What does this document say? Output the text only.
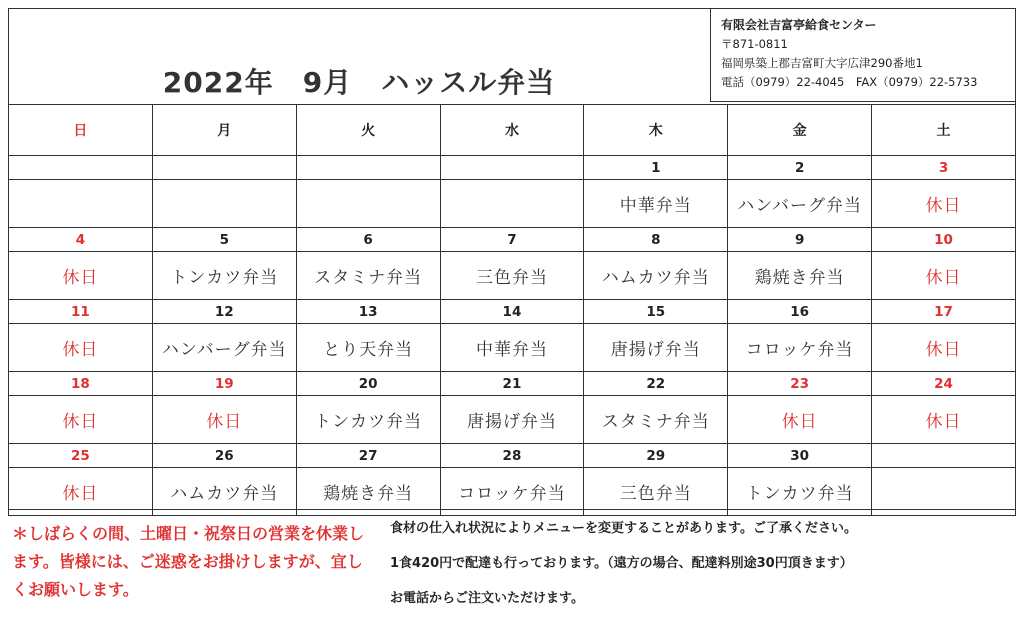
2022年　9月　ハッスル弁当
有限会社吉富亭給食センター
〒871-0811
福岡県築上郡吉富町大字広津290番地1
電話（0979）22-4045　FAX（0979）22-5733
日	月	火	水	木	金	土
				1	2	3
				中華弁当	ハンバーグ弁当	休日
4	5	6	7	8	9	10
休日	トンカツ弁当	スタミナ弁当	三色弁当	ハムカツ弁当	鶏焼き弁当	休日
11	12	13	14	15	16	17
休日	ハンバーグ弁当	とり天弁当	中華弁当	唐揚げ弁当	コロッケ弁当	休日
18	19	20	21	22	23	24
休日	休日	トンカツ弁当	唐揚げ弁当	スタミナ弁当	休日	休日
25	26	27	28	29	30	
休日	ハムカツ弁当	鶏焼き弁当	コロッケ弁当	三色弁当	トンカツ弁当	
＊しばらくの間、土曜日・祝祭日の営業を休業します。皆様には、ご迷惑をお掛けしますが、宜しくお願いします。
食材の仕入れ状況によりメニューを変更することがあります。ご了承ください。
1食420円で配達も行っております。（遠方の場合、配達料別途30円頂きます）
お電話からご注文いただけます。
